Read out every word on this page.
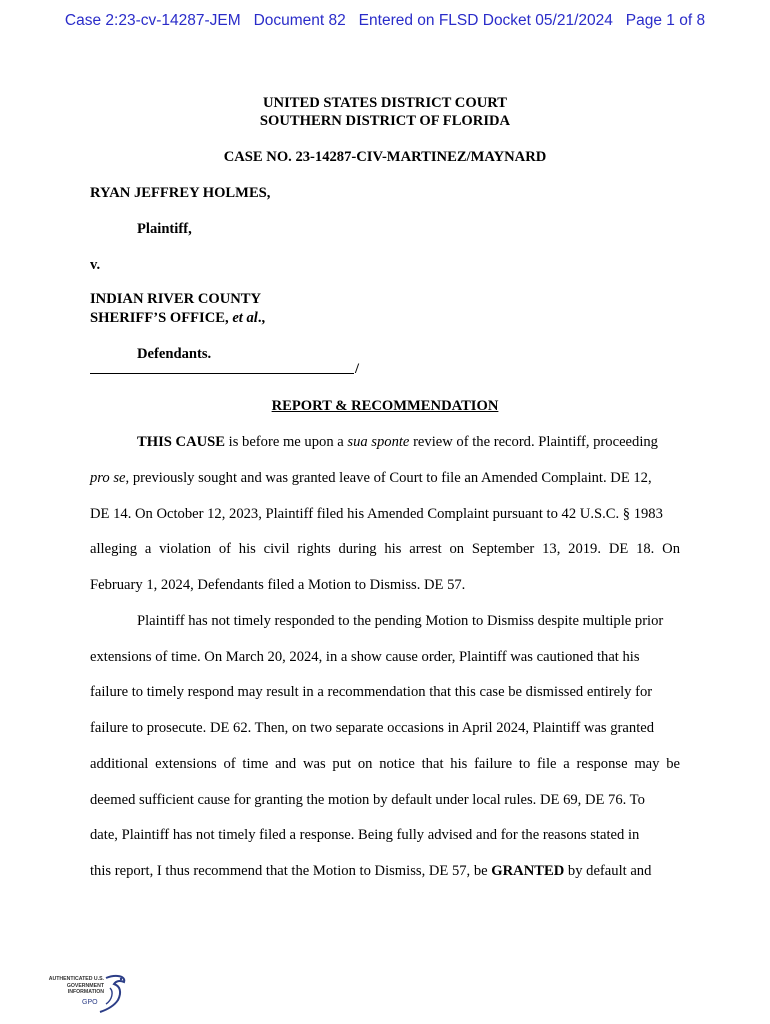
Case 2:23-cv-14287-JEM   Document 82   Entered on FLSD Docket 05/21/2024   Page 1 of 8
UNITED STATES DISTRICT COURT
SOUTHERN DISTRICT OF FLORIDA
CASE NO. 23-14287-CIV-MARTINEZ/MAYNARD
RYAN JEFFREY HOLMES,
Plaintiff,
v.
INDIAN RIVER COUNTY
SHERIFF’S OFFICE, et al.,
Defendants.
/
REPORT & RECOMMENDATION
THIS CAUSE is before me upon a sua sponte review of the record. Plaintiff, proceeding
pro se, previously sought and was granted leave of Court to file an Amended Complaint. DE 12,
DE 14. On October 12, 2023, Plaintiff filed his Amended Complaint pursuant to 42 U.S.C. § 1983
alleging a violation of his civil rights during his arrest on September 13, 2019. DE 18. On
February 1, 2024, Defendants filed a Motion to Dismiss. DE 57.
Plaintiff has not timely responded to the pending Motion to Dismiss despite multiple prior
extensions of time. On March 20, 2024, in a show cause order, Plaintiff was cautioned that his
failure to timely respond may result in a recommendation that this case be dismissed entirely for
failure to prosecute. DE 62. Then, on two separate occasions in April 2024, Plaintiff was granted
additional extensions of time and was put on notice that his failure to file a response may be
deemed sufficient cause for granting the motion by default under local rules. DE 69, DE 76. To
date, Plaintiff has not timely filed a response. Being fully advised and for the reasons stated in
this report, I thus recommend that the Motion to Dismiss, DE 57, be GRANTED by default and
AUTHENTICATED U.S. GOVERNMENT INFORMATION
GPO
